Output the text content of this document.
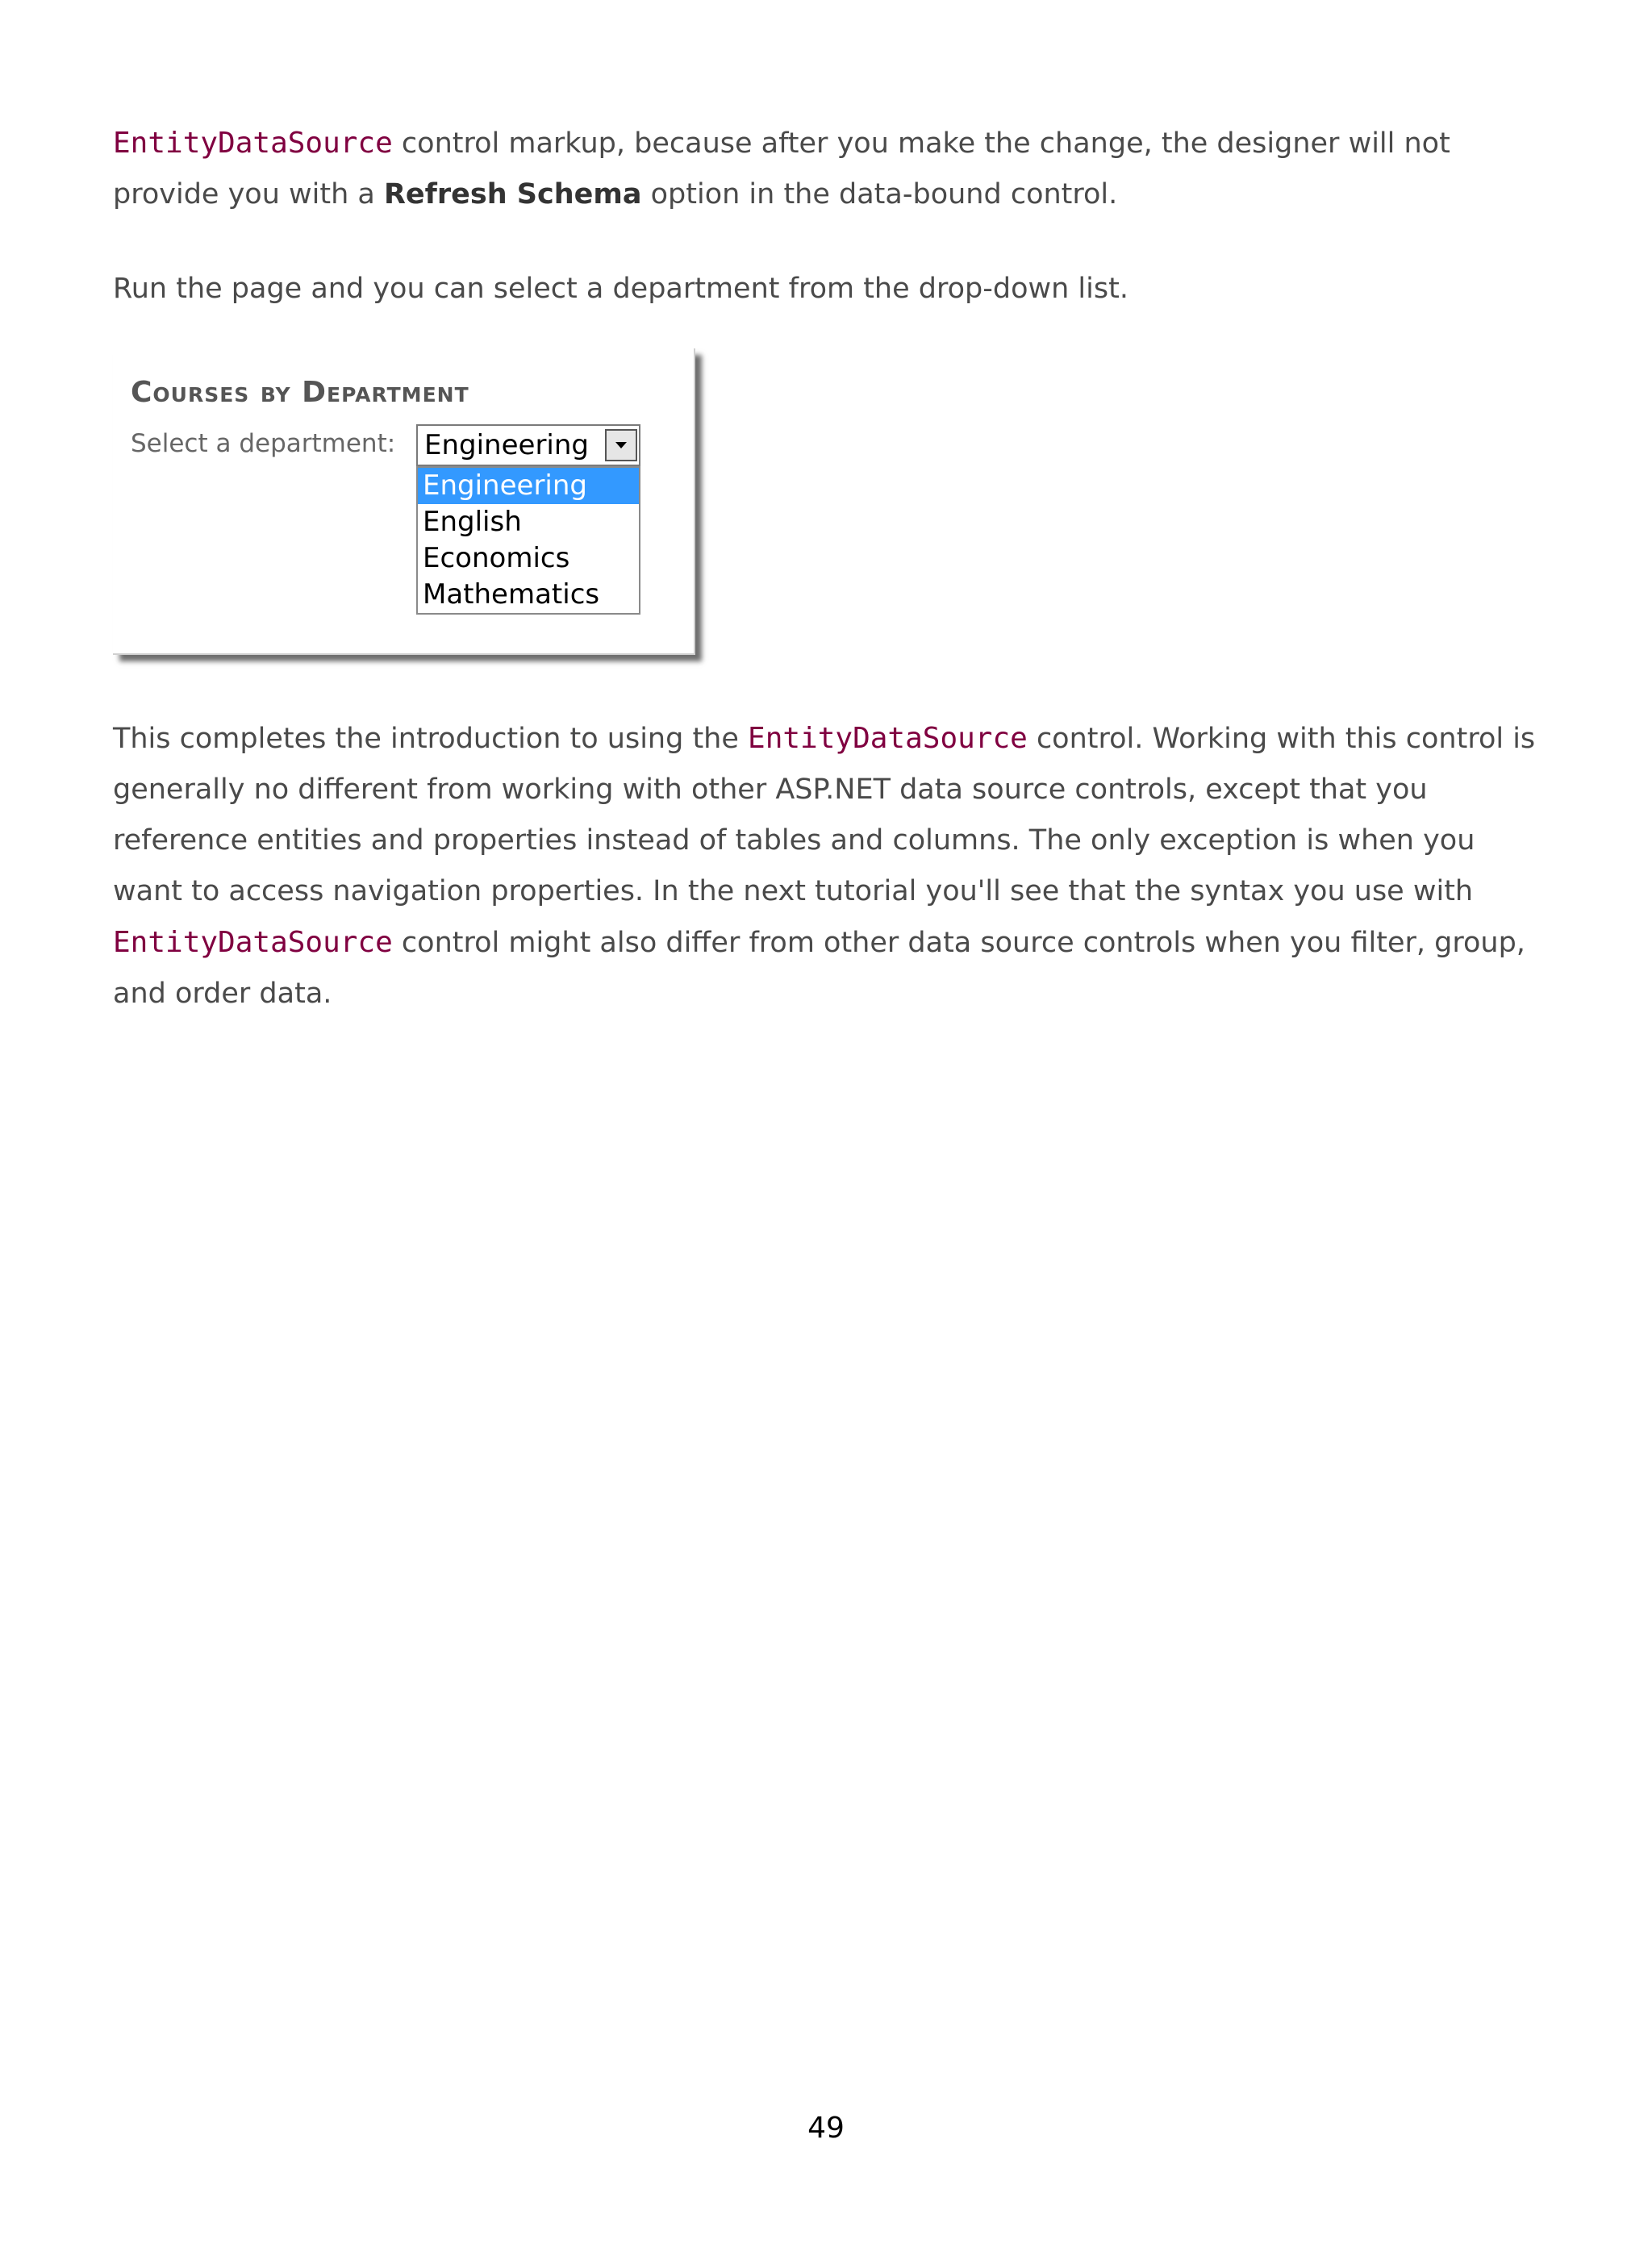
EntityDataSource control markup, because after you make the change, the designer will not provide you with a Refresh Schema option in the data-bound control.

Run the page and you can select a department from the drop-down list.

Courses by Department
Select a department: Engineering
Engineering
English
Economics
Mathematics

This completes the introduction to using the EntityDataSource control. Working with this control is generally no different from working with other ASP.NET data source controls, except that you reference entities and properties instead of tables and columns. The only exception is when you want to access navigation properties. In the next tutorial you'll see that the syntax you use with EntityDataSource control might also differ from other data source controls when you filter, group, and order data.

49
